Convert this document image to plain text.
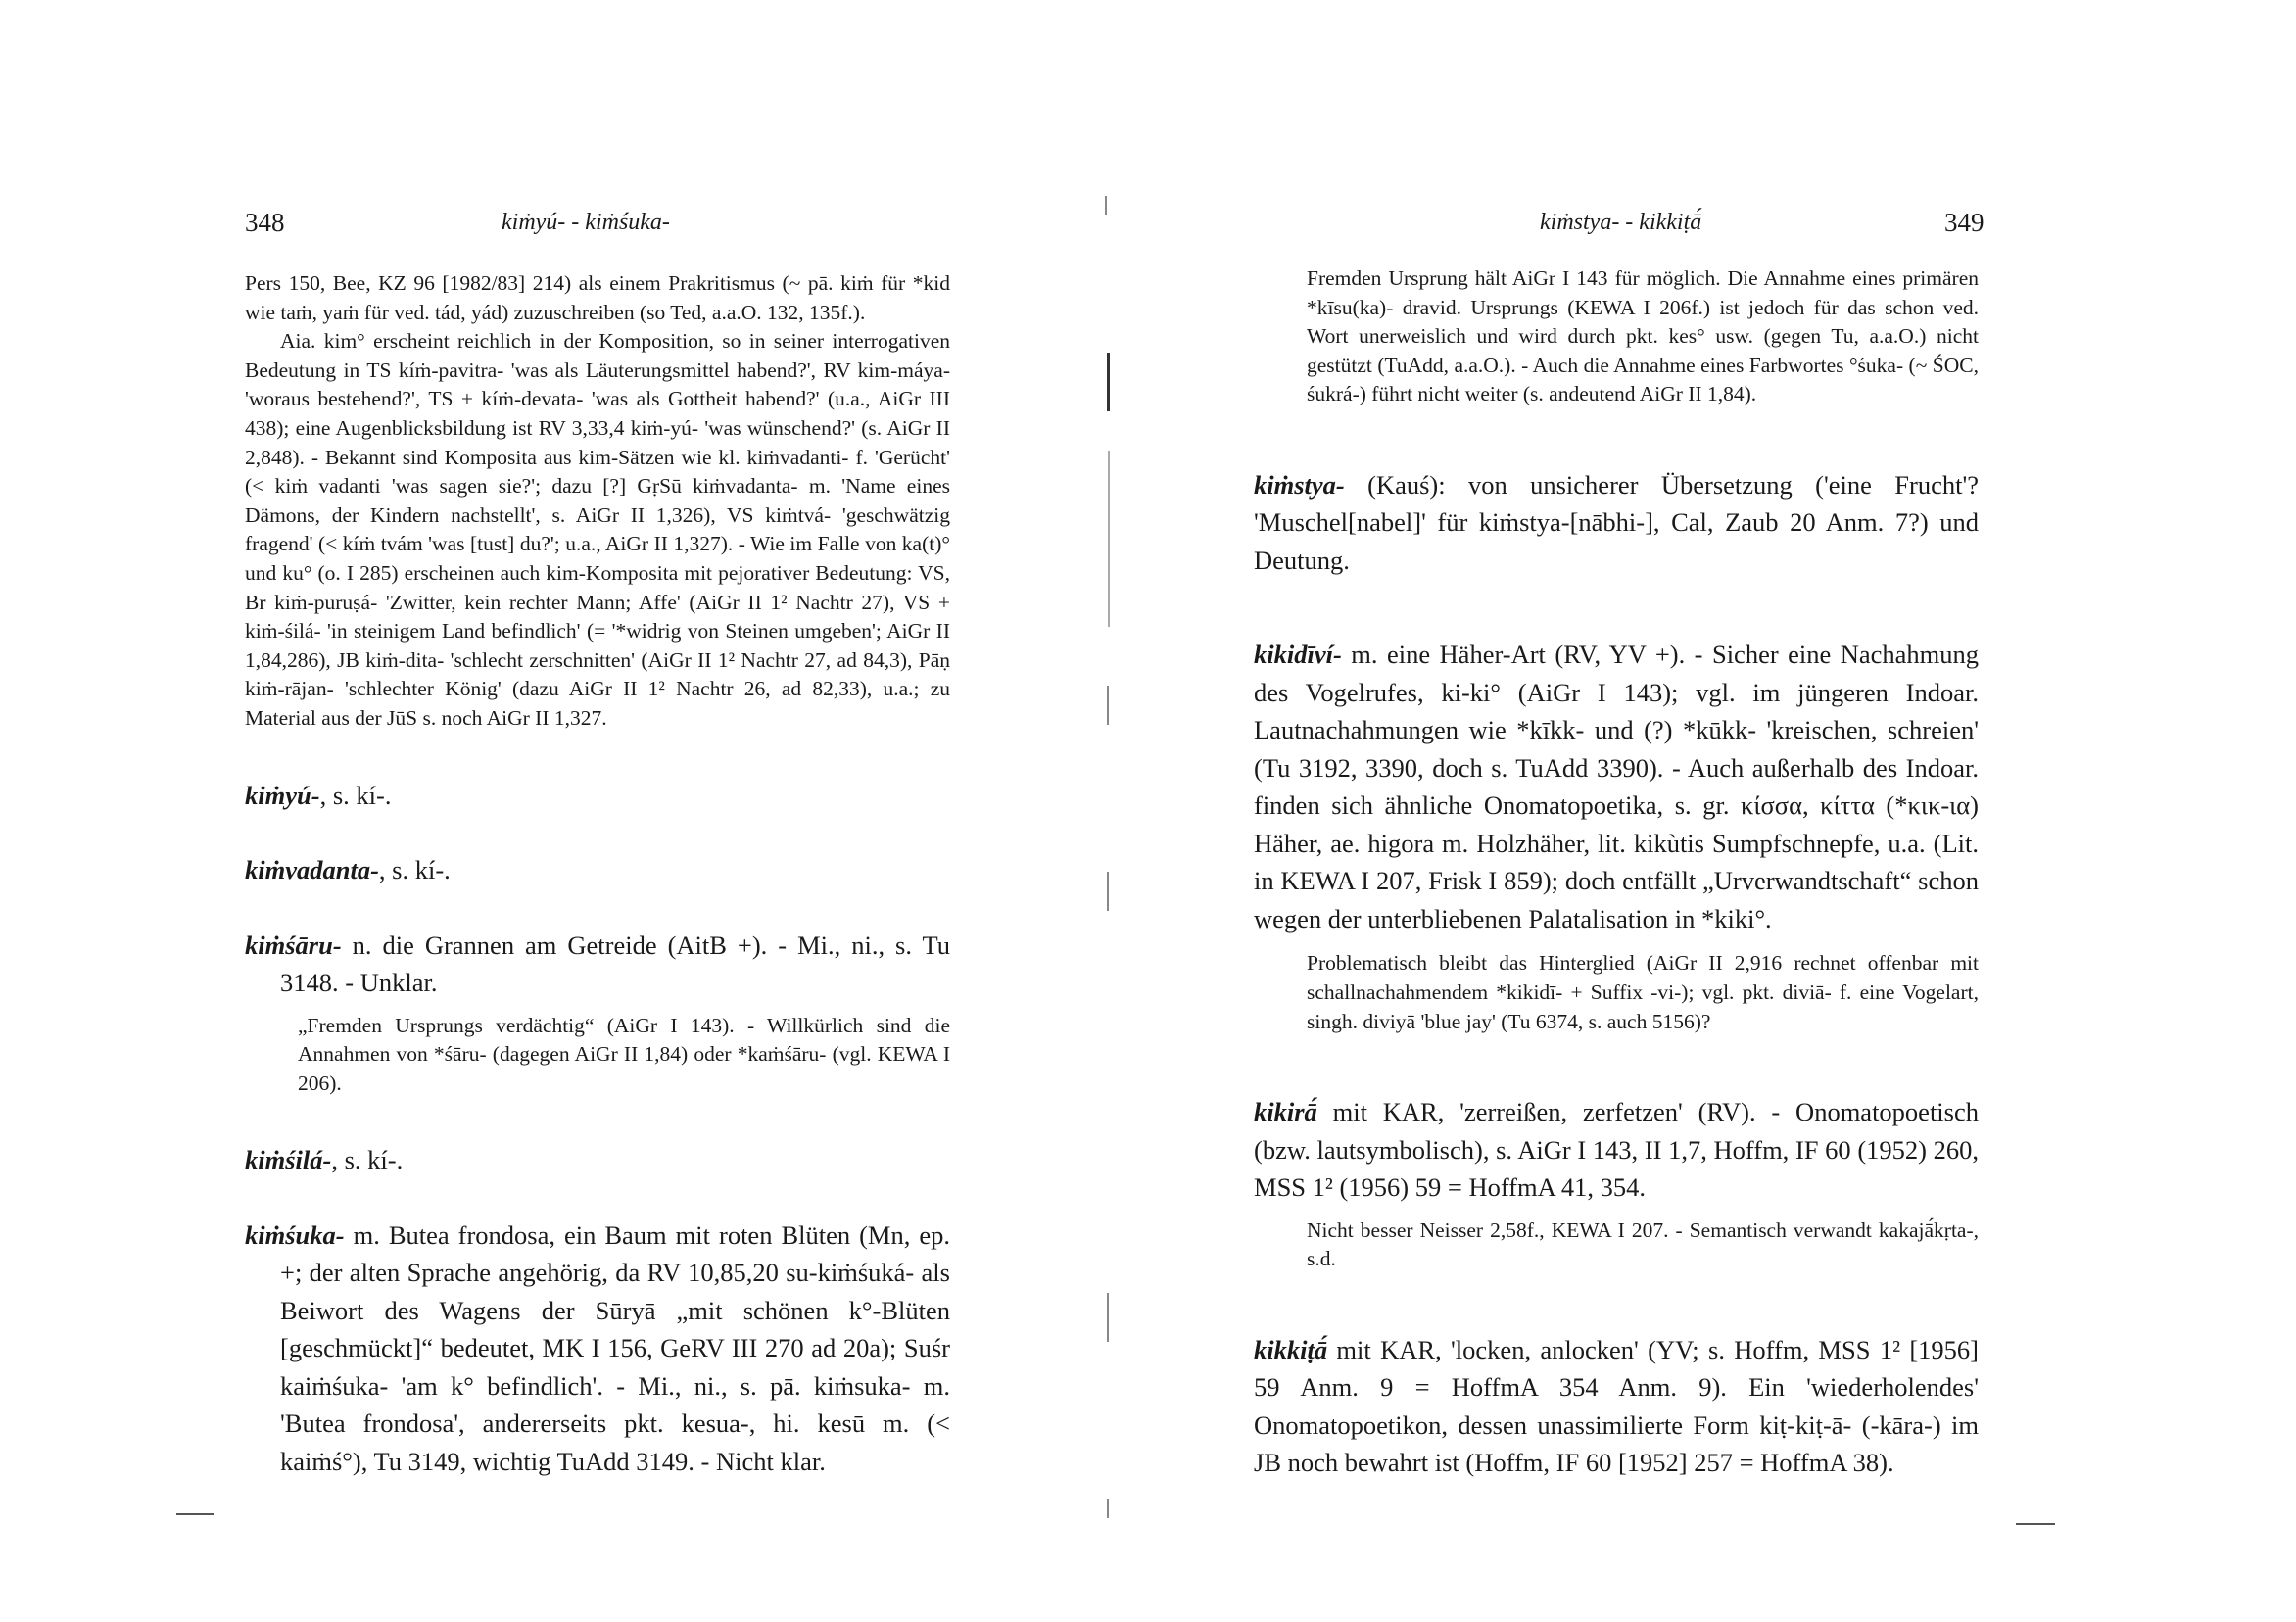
348	kiṁyú- - kiṁśuka-

Pers 150, Bee, KZ 96 [1982/83] 214) als einem Prakritismus (~ pā. kiṁ für *kid wie taṁ, yaṁ für ved. tád, yád) zuzuschreiben (so Ted, a.a.O. 132, 135f.).

Aia. kim° erscheint reichlich in der Komposition, so in seiner interrogativen Bedeutung in TS kíṁ-pavitra- 'was als Läuterungsmittel habend?', RV kim-máya- 'woraus bestehend?', TS + kíṁ-devata- 'was als Gottheit habend?' (u.a., AiGr III 438); eine Augenblicksbildung ist RV 3,33,4 kiṁ-yú- 'was wünschend?' (s. AiGr II 2,848). - Bekannt sind Komposita aus kim-Sätzen wie kl. kiṁvadanti- f. 'Gerücht' (< kiṁ vadanti 'was sagen sie?'; dazu [?] GṛSū kiṁvadanta- m. 'Name eines Dämons, der Kindern nachstellt', s. AiGr II 1,326), VS kiṁtvá- 'geschwätzig fragend' (< kíṁ tvám 'was [tust] du?'; u.a., AiGr II 1,327). - Wie im Falle von ka(t)° und ku° (o. I 285) erscheinen auch kim-Komposita mit pejorativer Bedeutung: VS, Br kiṁ-puruṣá- 'Zwitter, kein rechter Mann; Affe' (AiGr II 1² Nachtr 27), VS + kiṁ-śilá- 'in steinigem Land befindlich' (= '*widrig von Steinen umgeben'; AiGr II 1,84,286), JB kiṁ-dita- 'schlecht zerschnitten' (AiGr II 1² Nachtr 27, ad 84,3), Pāṇ kiṁ-rājan- 'schlechter König' (dazu AiGr II 1² Nachtr 26, ad 82,33), u.a.; zu Material aus der JūS s. noch AiGr II 1,327.

kiṁyú-, s. kí-.

kiṁvadanta-, s. kí-.

kiṁśāru- n. die Grannen am Getreide (AitB +). - Mi., ni., s. Tu 3148. - Unklar.

„Fremden Ursprungs verdächtig“ (AiGr I 143). - Willkürlich sind die Annahmen von *śāru- (dagegen AiGr II 1,84) oder *kaṁśāru- (vgl. KEWA I 206).

kiṁśilá-, s. kí-.

kiṁśuka- m. Butea frondosa, ein Baum mit roten Blüten (Mn, ep. +; der alten Sprache angehörig, da RV 10,85,20 su-kiṁśuká- als Beiwort des Wagens der Sūryā „mit schönen k°-Blüten [geschmückt]“ bedeutet, MK I 156, GeRV III 270 ad 20a); Suśr kaiṁśuka- 'am k° befindlich'. - Mi., ni., s. pā. kiṁsuka- m. 'Butea frondosa', andererseits pkt. kesua-, hi. kesū m. (< kaiṁś°), Tu 3149, wichtig TuAdd 3149. - Nicht klar.

kiṁstya- - kikkiṭā́	349

Fremden Ursprung hält AiGr I 143 für möglich. Die Annahme eines primären *kīsu(ka)- dravid. Ursprungs (KEWA I 206f.) ist jedoch für das schon ved. Wort unerweislich und wird durch pkt. kes° usw. (gegen Tu, a.a.O.) nicht gestützt (TuAdd, a.a.O.). - Auch die Annahme eines Farbwortes °śuka- (~ ŚOC, śukrá-) führt nicht weiter (s. andeutend AiGr II 1,84).

kiṁstya- (Kauś): von unsicherer Übersetzung ('eine Frucht'? 'Muschel[nabel]' für kiṁstya-[nābhi-], Cal, Zaub 20 Anm. 7?) und Deutung.

kikidīví- m. eine Häher-Art (RV, YV +). - Sicher eine Nachahmung des Vogelrufes, ki-ki° (AiGr I 143); vgl. im jüngeren Indoar. Lautnachahmungen wie *kīkk- und (?) *kūkk- 'kreischen, schreien' (Tu 3192, 3390, doch s. TuAdd 3390). - Auch außerhalb des Indoar. finden sich ähnliche Onomatopoetika, s. gr. κίσσα, κίττα (*κικ-ια) Häher, ae. higora m. Holzhäher, lit. kikùtis Sumpfschnepfe, u.a. (Lit. in KEWA I 207, Frisk I 859); doch entfällt „Urverwandtschaft“ schon wegen der unterbliebenen Palatalisation in *kiki°.

Problematisch bleibt das Hinterglied (AiGr II 2,916 rechnet offenbar mit schallnachahmendem *kikidī- + Suffix -vi-); vgl. pkt. diviā- f. eine Vogelart, singh. diviyā 'blue jay' (Tu 6374, s. auch 5156)?

kikirā́ mit KAR, 'zerreißen, zerfetzen' (RV). - Onomatopoetisch (bzw. lautsymbolisch), s. AiGr I 143, II 1,7, Hoffm, IF 60 (1952) 260, MSS 1² (1956) 59 = HoffmA 41, 354.

Nicht besser Neisser 2,58f., KEWA I 207. - Semantisch verwandt kakajā́kṛta-, s.d.

kikkiṭā́ mit KAR, 'locken, anlocken' (YV; s. Hoffm, MSS 1² [1956] 59 Anm. 9 = HoffmA 354 Anm. 9). Ein 'wiederholendes' Onomatopoetikon, dessen unassimilierte Form kiṭ-kiṭ-ā- (-kāra-) im JB noch bewahrt ist (Hoffm, IF 60 [1952] 257 = HoffmA 38).
